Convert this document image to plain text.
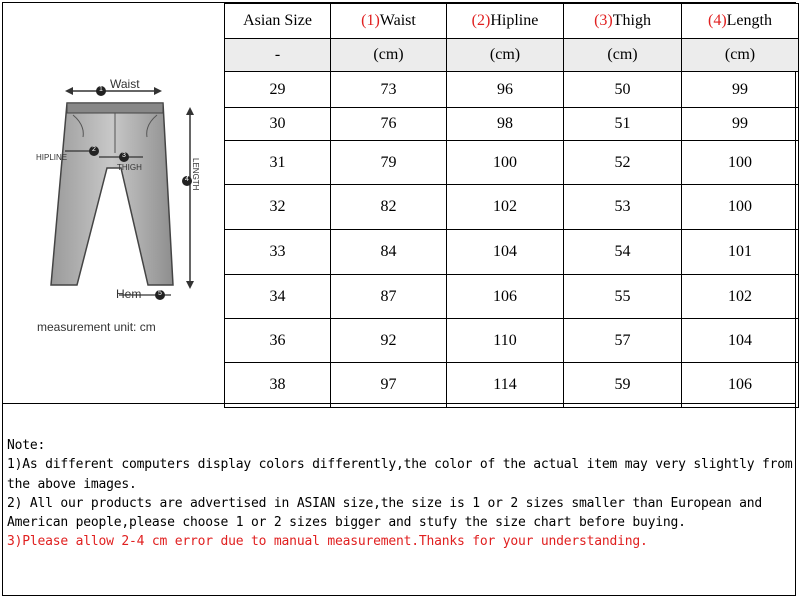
Waist
HIPLINE
THIGH	LENGTH
Hem
measurement unit: cm
1
2
3
4
5
Asian Size	(1)Waist	(2)Hipline	(3)Thigh	(4)Length
-	(cm)	(cm)	(cm)	(cm)
29	73	96	50	99
30	76	98	51	99
31	79	100	52	100
32	82	102	53	100
33	84	104	54	101
34	87	106	55	102
36	92	110	57	104
38	97	114	59	106

Note:

1)As different computers display colors differently,the color of the actual item may very slightly from

the above images.

2) All our products are advertised in ASIAN size,the size is 1 or 2 sizes smaller than European and

American people,please choose 1 or 2 sizes bigger and stufy the size chart before buying.

3)Please allow 2-4 cm error due to manual measurement.Thanks for your understanding.
